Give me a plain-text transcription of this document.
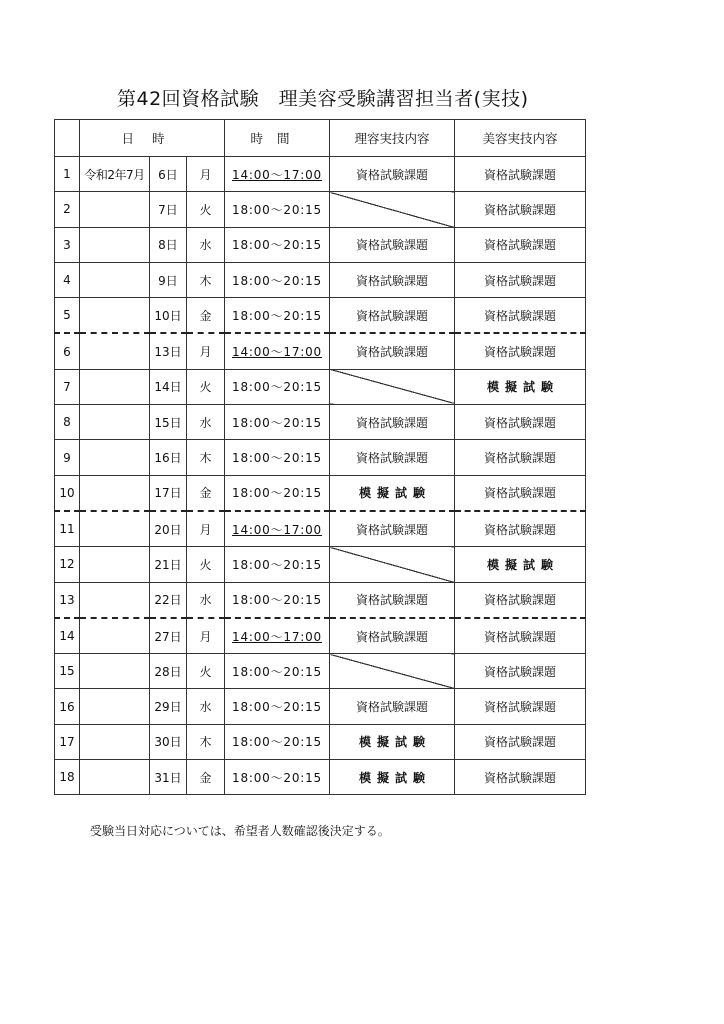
第42回資格試験　理美容受験講習担当者(実技)
	日時			時間	理容実技内容	美容実技内容
1	令和2年7月	6日	月	14:00〜17:00	資格試験課題	資格試験課題
2		7日	火	18:00〜20:15		資格試験課題
3		8日	水	18:00〜20:15	資格試験課題	資格試験課題
4		9日	木	18:00〜20:15	資格試験課題	資格試験課題
5		10日	金	18:00〜20:15	資格試験課題	資格試験課題
6		13日	月	14:00〜17:00	資格試験課題	資格試験課題
7		14日	火	18:00〜20:15		模擬試験
8		15日	水	18:00〜20:15	資格試験課題	資格試験課題
9		16日	木	18:00〜20:15	資格試験課題	資格試験課題
10		17日	金	18:00〜20:15	模擬試験	資格試験課題
11		20日	月	14:00〜17:00	資格試験課題	資格試験課題
12		21日	火	18:00〜20:15		模擬試験
13		22日	水	18:00〜20:15	資格試験課題	資格試験課題
14		27日	月	14:00〜17:00	資格試験課題	資格試験課題
15		28日	火	18:00〜20:15		資格試験課題
16		29日	水	18:00〜20:15	資格試験課題	資格試験課題
17		30日	木	18:00〜20:15	模擬試験	資格試験課題
18		31日	金	18:00〜20:15	模擬試験	資格試験課題
受験当日対応については、希望者人数確認後決定する。
